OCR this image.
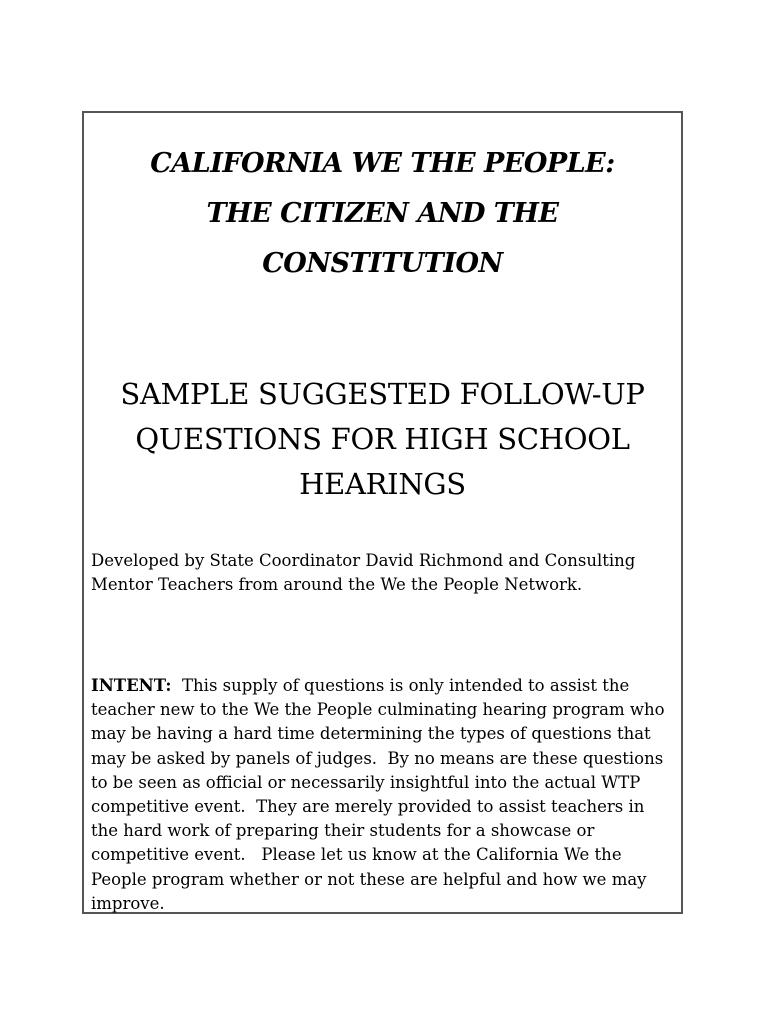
CALIFORNIA WE THE PEOPLE:
THE CITIZEN AND THE
CONSTITUTION
SAMPLE SUGGESTED FOLLOW-UP
QUESTIONS FOR HIGH SCHOOL
HEARINGS

Developed by State Coordinator David Richmond and Consulting
Mentor Teachers from around the We the People Network.

INTENT: This supply of questions is only intended to assist the
teacher new to the We the People culminating hearing program who
may be having a hard time determining the types of questions that
may be asked by panels of judges.  By no means are these questions
to be seen as official or necessarily insightful into the actual WTP
competitive event.  They are merely provided to assist teachers in
the hard work of preparing their students for a showcase or
competitive event.   Please let us know at the California We the
People program whether or not these are helpful and how we may
improve.
